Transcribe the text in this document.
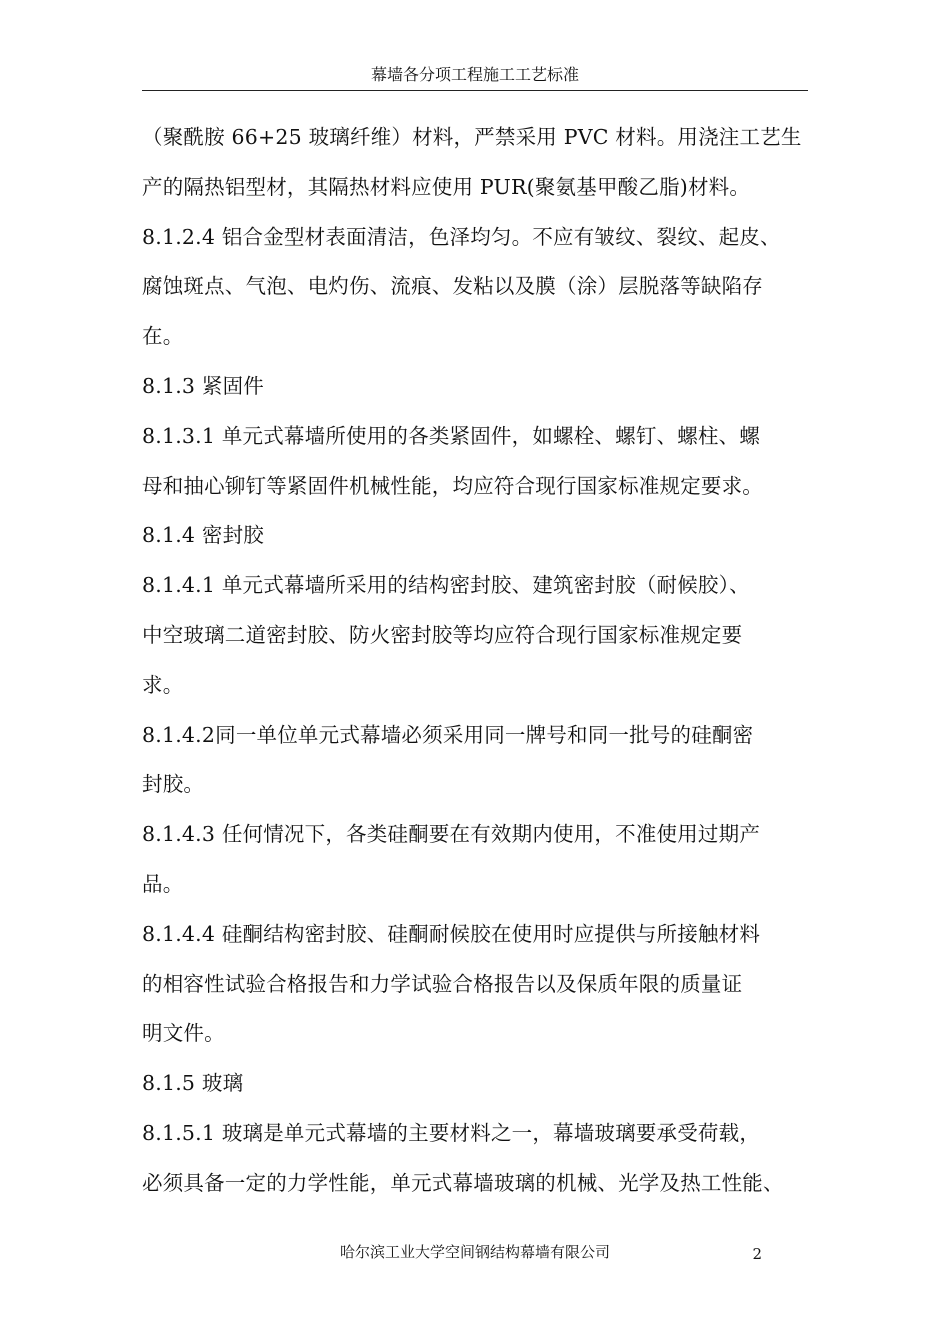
幕墙各分项工程施工工艺标准
（聚酰胺 66+25 玻璃纤维）材料，严禁采用 PVC 材料。用浇注工艺生
产的隔热铝型材，其隔热材料应使用 PUR(聚氨基甲酸乙脂)材料。
8.1.2.4 铝合金型材表面清洁，色泽均匀。不应有皱纹、裂纹、起皮、
腐蚀斑点、气泡、电灼伤、流痕、发粘以及膜（涂）层脱落等缺陷存
在。
8.1.3 紧固件
8.1.3.1 单元式幕墙所使用的各类紧固件，如螺栓、螺钉、螺柱、螺
母和抽心铆钉等紧固件机械性能，均应符合现行国家标准规定要求。
8.1.4 密封胶
8.1.4.1 单元式幕墙所采用的结构密封胶、建筑密封胶（耐候胶）、
中空玻璃二道密封胶、防火密封胶等均应符合现行国家标准规定要
求。
8.1.4.2同一单位单元式幕墙必须采用同一牌号和同一批号的硅酮密
封胶。
8.1.4.3 任何情况下，各类硅酮要在有效期内使用，不准使用过期产
品。
8.1.4.4 硅酮结构密封胶、硅酮耐候胶在使用时应提供与所接触材料
的相容性试验合格报告和力学试验合格报告以及保质年限的质量证
明文件。
8.1.5 玻璃
8.1.5.1 玻璃是单元式幕墙的主要材料之一，幕墙玻璃要承受荷载，
必须具备一定的力学性能，单元式幕墙玻璃的机械、光学及热工性能、
哈尔滨工业大学空间钢结构幕墙有限公司	2
